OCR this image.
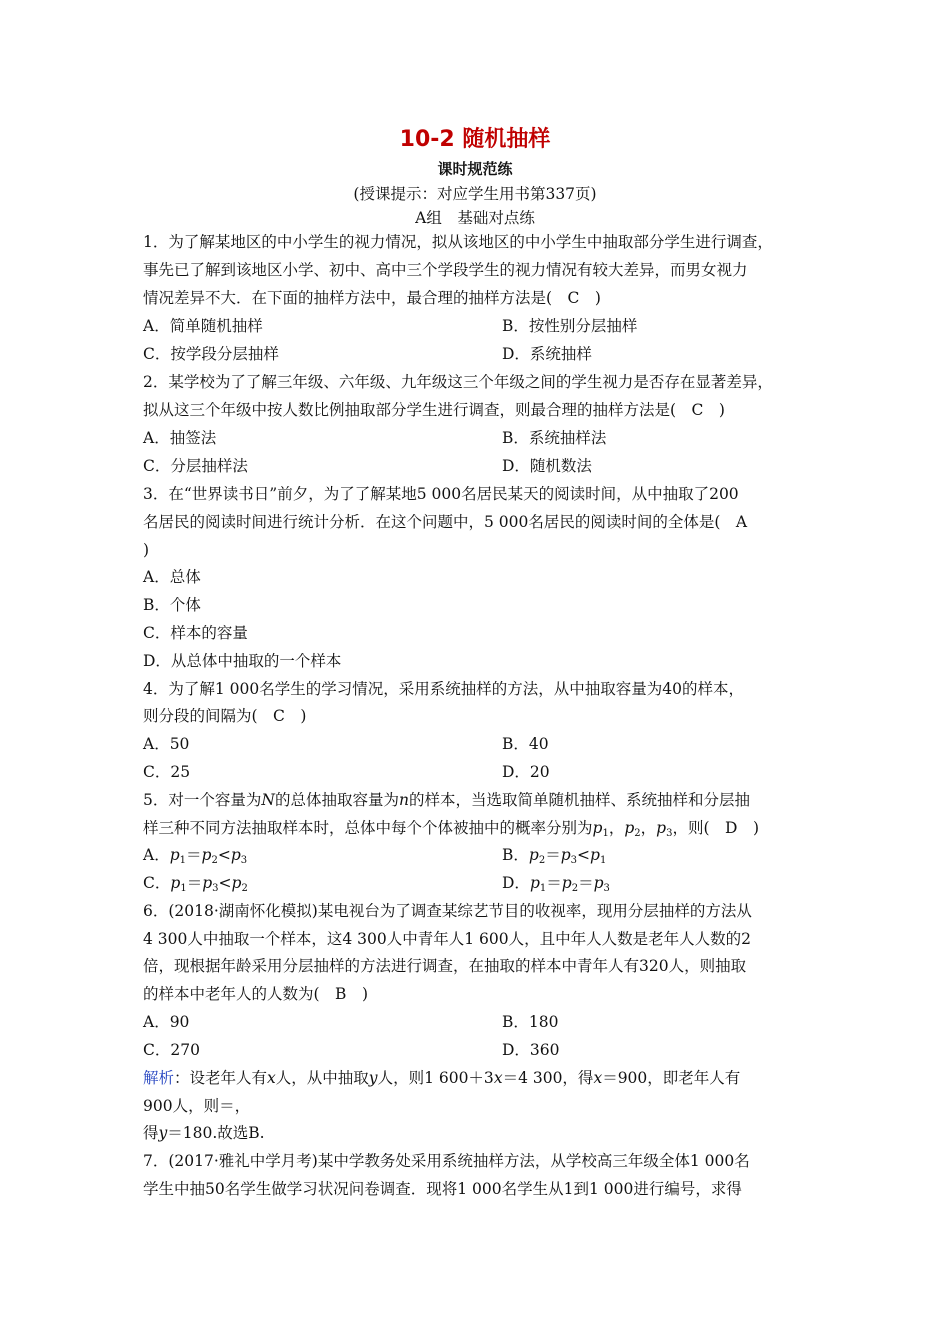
10-2 随机抽样
课时规范练
(授课提示：对应学生用书第337页)
A组　基础对点练
1．为了解某地区的中小学生的视力情况，拟从该地区的中小学生中抽取部分学生进行调查，
事先已了解到该地区小学、初中、高中三个学段学生的视力情况有较大差异，而男女视力
情况差异不大．在下面的抽样方法中，最合理的抽样方法是(　C　)
A．简单随机抽样	B．按性别分层抽样
C．按学段分层抽样	D．系统抽样
2．某学校为了了解三年级、六年级、九年级这三个年级之间的学生视力是否存在显著差异，
拟从这三个年级中按人数比例抽取部分学生进行调查，则最合理的抽样方法是(　C　)
A．抽签法	B．系统抽样法
C．分层抽样法	D．随机数法
3．在“世界读书日”前夕，为了了解某地5 000名居民某天的阅读时间，从中抽取了200
名居民的阅读时间进行统计分析．在这个问题中，5 000名居民的阅读时间的全体是(　A
)
A．总体
B．个体
C．样本的容量
D．从总体中抽取的一个样本
4．为了解1 000名学生的学习情况，采用系统抽样的方法，从中抽取容量为40的样本，
则分段的间隔为(　C　)
A．50	B．40
C．25	D．20
5．对一个容量为N的总体抽取容量为n的样本，当选取简单随机抽样、系统抽样和分层抽
样三种不同方法抽取样本时，总体中每个个体被抽中的概率分别为$p_1$，$p_2$，$p_3$，则(　D　)
A．$p_1=p_2<p_3$	B．$p_2=p_3<p_1$
C．$p_1=p_3<p_2$	D．$p_1=p_2=p_3$
6．(2018·湖南怀化模拟)某电视台为了调查某综艺节目的收视率，现用分层抽样的方法从
4 300人中抽取一个样本，这4 300人中青年人1 600人，且中年人人数是老年人人数的2
倍，现根据年龄采用分层抽样的方法进行调查，在抽取的样本中青年人有320人，则抽取
的样本中老年人的人数为(　B　)
A．90	B．180
C．270	D．360
解析：设老年人有x人，从中抽取y人，则1 600＋3x＝4 300，得x＝900，即老年人有
900人，则＝，
得y＝180.故选B.
7．(2017·雅礼中学月考)某中学教务处采用系统抽样方法，从学校高三年级全体1 000名
学生中抽50名学生做学习状况问卷调查．现将1 000名学生从1到1 000进行编号，求得
